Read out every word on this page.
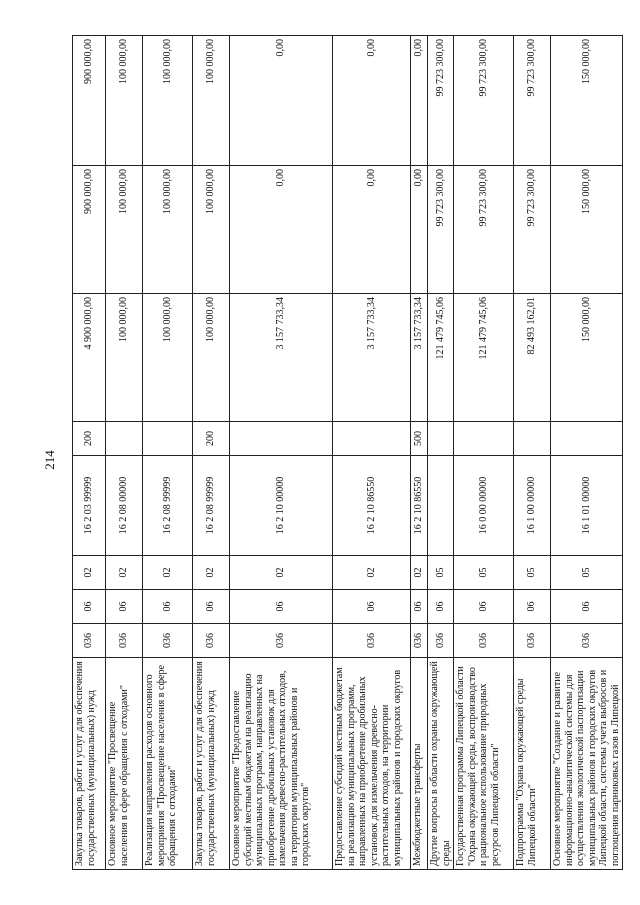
214
Закупка товаров, работ и услуг для обеспечения государственных (муниципальных) нужд	036	06	02	16 2 03 99999	200	4 900 000,00	900 000,00	900 000,00
Основное мероприятие "Просвещение населения в сфере обращения с отходами"	036	06	02	16 2 08 00000		100 000,00	100 000,00	100 000,00
Реализация направления расходов основного мероприятия "Просвещение населения в сфере обращения с отходами"	036	06	02	16 2 08 99999		100 000,00	100 000,00	100 000,00
Закупка товаров, работ и услуг для обеспечения государственных (муниципальных) нужд	036	06	02	16 2 08 99999	200	100 000,00	100 000,00	100 000,00
Основное мероприятие "Предоставление субсидий местным бюджетам на реализацию муниципальных программ, направленных на приобретение дробильных установок для измельчения древесно-растительных отходов, на территории муниципальных районов и городских округов"	036	06	02	16 2 10 00000		3 157 733,34	0,00	0,00
Предоставление субсидий местным бюджетам на реализацию муниципальных программ, направленных на приобретение дробильных установок для измельчения древесно-растительных отходов, на территории муниципальных районов и городских округов	036	06	02	16 2 10 86550		3 157 733,34	0,00	0,00
Межбюджетные трансферты	036	06	02	16 2 10 86550	500	3 157 733,34	0,00	0,00
Другие вопросы в области охраны окружающей среды	036	06	05			121 479 745,06	99 723 300,00	99 723 300,00
Государственная программа Липецкой области "Охрана окружающей среды, воспроизводство и рациональное использование природных ресурсов Липецкой области"	036	06	05	16 0 00 00000		121 479 745,06	99 723 300,00	99 723 300,00
Подпрограмма "Охрана окружающей среды Липецкой области"	036	06	05	16 1 00 00000		82 493 162,01	99 723 300,00	99 723 300,00
Основное мероприятие "Создание и развитие информационно-аналитической системы для осуществления экологической паспортизации муниципальных районов и городских округов Липецкой области, системы учета выбросов и поглощения парниковых газов в Липецкой	036	06	05	16 1 01 00000		150 000,00	150 000,00	150 000,00
